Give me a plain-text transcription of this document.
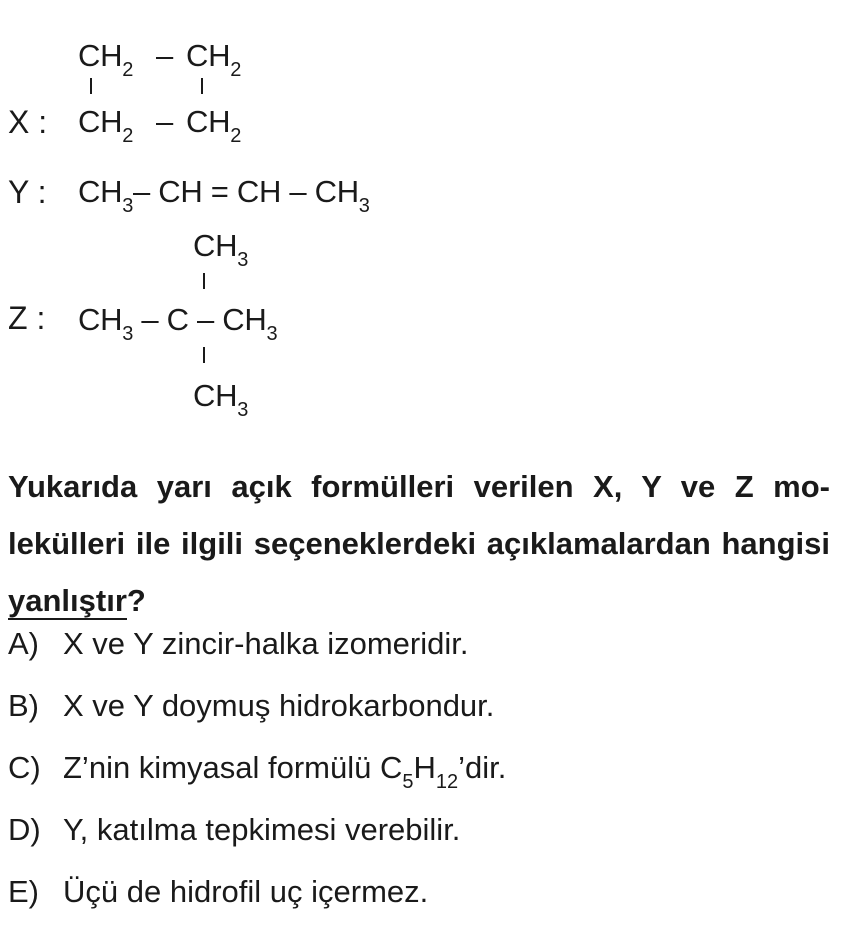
X :
$CH_2 - CH_2$
$CH_2 - CH_2$
Y : $CH_3-$ CH = CH – $CH_3$
$CH_3$
Z : $CH_3$ – C – $CH_3$
$CH_3$
Yukarıda yarı açık formülleri verilen X, Y ve Z mo- lekülleri ile ilgili seçeneklerdeki açıklamalardan hangisi yanlıştır?
A) X ve Y zincir-halka izomeridir.
B) X ve Y doymuş hidrokarbondur.
C) Z’nin kimyasal formülü $C_5H_{12}’dir$.
D) Y, katılma tepkimesi verebilir.
E) Üçü de hidrofil uç içermez.
